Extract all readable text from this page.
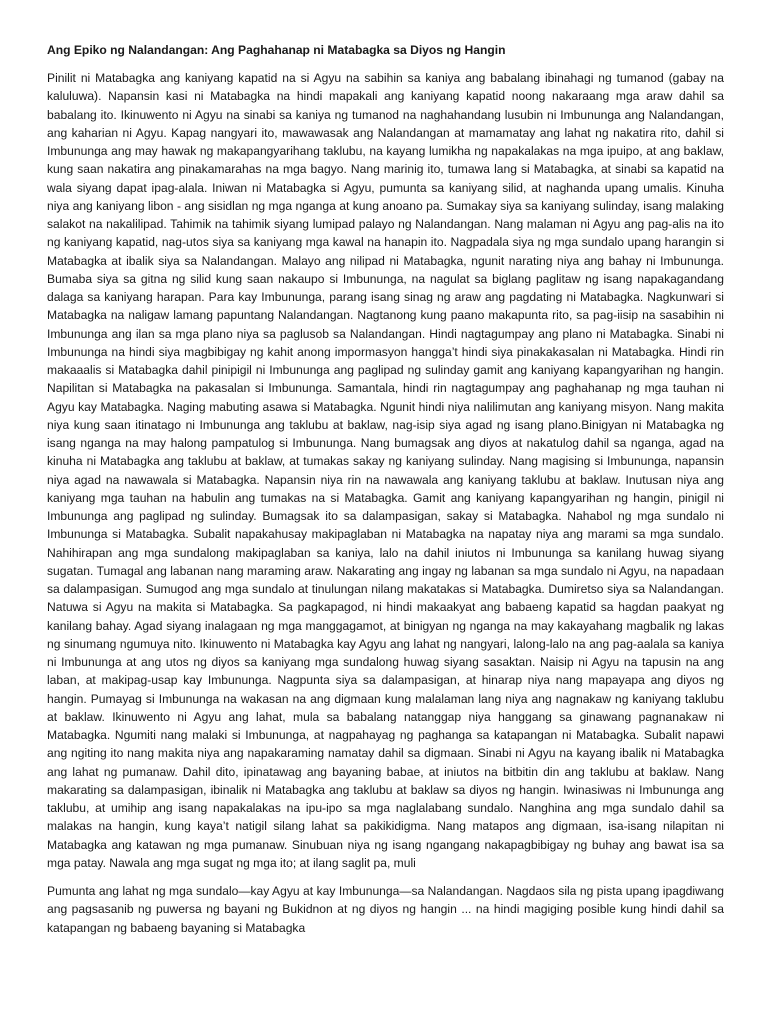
Ang Epiko ng Nalandangan: Ang Paghahanap ni Matabagka sa Diyos ng Hangin

Pinilit ni Matabagka ang kaniyang kapatid na si Agyu na sabihin sa kaniya ang babalang ibinahagi ng tumanod (gabay na kaluluwa). Napansin kasi ni Matabagka na hindi mapakali ang kaniyang kapatid noong nakaraang mga araw dahil sa babalang ito. Ikinuwento ni Agyu na sinabi sa kaniya ng tumanod na naghahandang lusubin ni Imbununga ang Nalandangan, ang kaharian ni Agyu. Kapag nangyari ito, mawawasak ang Nalandangan at mamamatay ang lahat ng nakatira rito, dahil si Imbununga ang may hawak ng makapangyarihang taklubu, na kayang lumikha ng napakalakas na mga ipuipo, at ang baklaw, kung saan nakatira ang pinakamarahas na mga bagyo. Nang marinig ito, tumawa lang si Matabagka, at sinabi sa kapatid na wala siyang dapat ipag-alala. Iniwan ni Matabagka si Agyu, pumunta sa kaniyang silid, at naghanda upang umalis. Kinuha niya ang kaniyang libon - ang sisidlan ng mga nganga at kung anoano pa. Sumakay siya sa kaniyang sulinday, isang malaking salakot na nakalilipad. Tahimik na tahimik siyang lumipad palayo ng Nalandangan. Nang malaman ni Agyu ang pag-alis na ito ng kaniyang kapatid, nag-utos siya sa kaniyang mga kawal na hanapin ito. Nagpadala siya ng mga sundalo upang harangin si Matabagka at ibalik siya sa Nalandangan. Malayo ang nilipad ni Matabagka, ngunit narating niya ang bahay ni Imbununga. Bumaba siya sa gitna ng silid kung saan nakaupo si Imbununga, na nagulat sa biglang paglitaw ng isang napakagandang dalaga sa kaniyang harapan. Para kay Imbununga, parang isang sinag ng araw ang pagdating ni Matabagka. Nagkunwari si Matabagka na naligaw lamang papuntang Nalandangan. Nagtanong kung paano makapunta rito, sa pag-iisip na sasabihin ni Imbununga ang ilan sa mga plano niya sa paglusob sa Nalandangan. Hindi nagtagumpay ang plano ni Matabagka. Sinabi ni Imbununga na hindi siya magbibigay ng kahit anong impormasyon hangga’t hindi siya pinakakasalan ni Matabagka. Hindi rin makaaalis si Matabagka dahil pinipigil ni Imbununga ang paglipad ng sulinday gamit ang kaniyang kapangyarihan ng hangin. Napilitan si Matabagka na pakasalan si Imbununga. Samantala, hindi rin nagtagumpay ang paghahanap ng mga tauhan ni Agyu kay Matabagka. Naging mabuting asawa si Matabagka. Ngunit hindi niya nalilimutan ang kaniyang misyon. Nang makita niya kung saan itinatago ni Imbununga ang taklubu at baklaw, nag-isip siya agad ng isang plano.Binigyan ni Matabagka ng isang nganga na may halong pampatulog si Imbununga. Nang bumagsak ang diyos at nakatulog dahil sa nganga, agad na kinuha ni Matabagka ang taklubu at baklaw, at tumakas sakay ng kaniyang sulinday. Nang magising si Imbununga, napansin niya agad na nawawala si Matabagka. Napansin niya rin na nawawala ang kaniyang taklubu at baklaw. Inutusan niya ang kaniyang mga tauhan na habulin ang tumakas na si Matabagka. Gamit ang kaniyang kapangyarihan ng hangin, pinigil ni Imbununga ang paglipad ng sulinday. Bumagsak ito sa dalampasigan, sakay si Matabagka. Nahabol ng mga sundalo ni Imbununga si Matabagka. Subalit napakahusay makipaglaban ni Matabagka na napatay niya ang marami sa mga sundalo. Nahihirapan ang mga sundalong makipaglaban sa kaniya, lalo na dahil iniutos ni Imbununga sa kanilang huwag siyang sugatan. Tumagal ang labanan nang maraming araw. Nakarating ang ingay ng labanan sa mga sundalo ni Agyu, na napadaan sa dalampasigan. Sumugod ang mga sundalo at tinulungan nilang makatakas si Matabagka. Dumiretso siya sa Nalandangan. Natuwa si Agyu na makita si Matabagka. Sa pagkapagod, ni hindi makaakyat ang babaeng kapatid sa hagdan paakyat ng kanilang bahay. Agad siyang inalagaan ng mga manggagamot, at binigyan ng nganga na may kakayahang magbalik ng lakas ng sinumang ngumuya nito. Ikinuwento ni Matabagka kay Agyu ang lahat ng nangyari, lalong-lalo na ang pag-aalala sa kaniya ni Imbununga at ang utos ng diyos sa kaniyang mga sundalong huwag siyang sasaktan. Naisip ni Agyu na tapusin na ang laban, at makipag-usap kay Imbununga. Nagpunta siya sa dalampasigan, at hinarap niya nang mapayapa ang diyos ng hangin. Pumayag si Imbununga na wakasan na ang digmaan kung malalaman lang niya ang nagnakaw ng kaniyang taklubu at baklaw. Ikinuwento ni Agyu ang lahat, mula sa babalang natanggap niya hanggang sa ginawang pagnanakaw ni Matabagka. Ngumiti nang malaki si Imbununga, at nagpahayag ng paghanga sa katapangan ni Matabagka. Subalit napawi ang ngiting ito nang makita niya ang napakaraming namatay dahil sa digmaan. Sinabi ni Agyu na kayang ibalik ni Matabagka ang lahat ng pumanaw. Dahil dito, ipinatawag ang bayaning babae, at iniutos na bitbitin din ang taklubu at baklaw. Nang makarating sa dalampasigan, ibinalik ni Matabagka ang taklubu at baklaw sa diyos ng hangin. Iwinasiwas ni Imbununga ang taklubu, at umihip ang isang napakalakas na ipu-ipo sa mga naglalabang sundalo. Nanghina ang mga sundalo dahil sa malakas na hangin, kung kaya’t natigil silang lahat sa pakikidigma. Nang matapos ang digmaan, isa-isang nilapitan ni Matabagka ang katawan ng mga pumanaw. Sinubuan niya ng isang ngangang nakapagbibigay ng buhay ang bawat isa sa mga patay. Nawala ang mga sugat ng mga ito; at ilang saglit pa, muli

Pumunta ang lahat ng mga sundalo—kay Agyu at kay Imbununga—sa Nalandangan. Nagdaos sila ng pista upang ipagdiwang ang pagsasanib ng puwersa ng bayani ng Bukidnon at ng diyos ng hangin ... na hindi magiging posible kung hindi dahil sa katapangan ng babaeng bayaning si Matabagka
